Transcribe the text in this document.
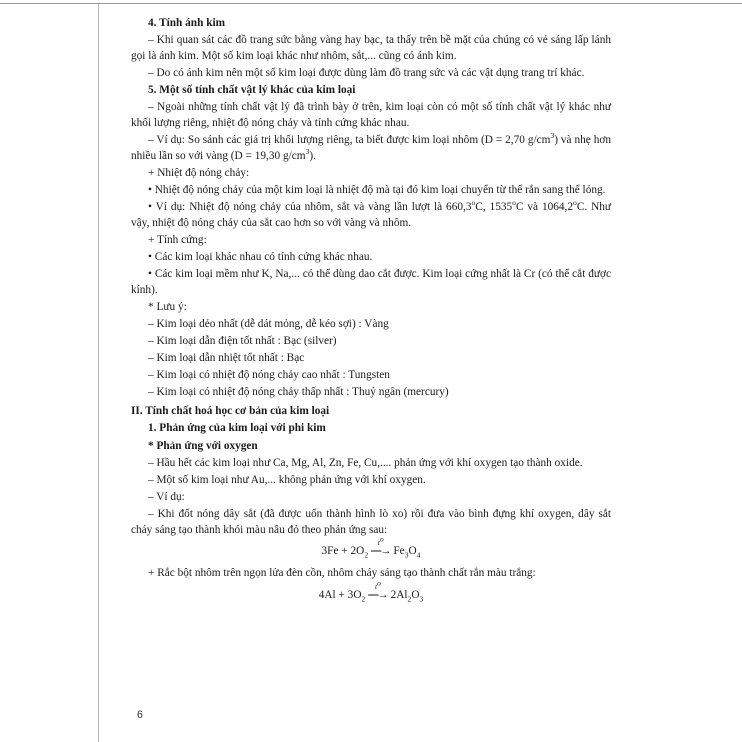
4. Tính ánh kim

– Khi quan sát các đồ trang sức bằng vàng hay bạc, ta thấy trên bề mặt của chúng có vẻ sáng lấp lánh gọi là ánh kim. Một số kim loại khác như nhôm, sắt,... cũng có ánh kim.

– Do có ánh kim nên một số kim loại được dùng làm đồ trang sức và các vật dụng trang trí khác.

5. Một số tính chất vật lý khác của kim loại

– Ngoài những tính chất vật lý đã trình bày ở trên, kim loại còn có một số tính chất vật lý khác như khối lượng riêng, nhiệt độ nóng chảy và tính cứng khác nhau.

– Ví dụ: So sánh các giá trị khối lượng riêng, ta biết được kim loại nhôm (D = 2,70 $g/cm^3$) và nhẹ hơn nhiều lần so với vàng (D = 19,30 $g/cm^3$).

+ Nhiệt độ nóng chảy:

• Nhiệt độ nóng chảy của một kim loại là nhiệt độ mà tại đó kim loại chuyển từ thể rắn sang thể lỏng.

• Ví dụ: Nhiệt độ nóng chảy của nhôm, sắt và vàng lần lượt là 660,3$^o$C, 1535$^o$C và 1064,2$^o$C. Như vậy, nhiệt độ nóng chảy của sắt cao hơn so với vàng và nhôm.

+ Tính cứng:

• Các kim loại khác nhau có tính cứng khác nhau.

• Các kim loại mềm như K, Na,... có thể dùng dao cắt được. Kim loại cứng nhất là Cr (có thể cắt được kính).

* Lưu ý:

– Kim loại dẻo nhất (dễ dát mỏng, dễ kéo sợi) : Vàng

– Kim loại dẫn điện tốt nhất : Bạc (silver)

– Kim loại dẫn nhiệt tốt nhất : Bạc

– Kim loại có nhiệt độ nóng chảy cao nhất : Tungsten

– Kim loại có nhiệt độ nóng chảy thấp nhất : Thuỷ ngân (mercury)

II. Tính chất hoá học cơ bản của kim loại

1. Phản ứng của kim loại với phi kim

* Phản ứng với oxygen

– Hầu hết các kim loại như Ca, Mg, Al, Zn, Fe, Cu,.... phản ứng với khí oxygen tạo thành oxide.

– Một số kim loại như Au,... không phản ứng với khí oxygen.

– Ví dụ:

– Khi đốt nóng dây sắt (đã được uốn thành hình lò xo) rồi đưa vào bình đựng khí oxygen, dây sắt cháy sáng tạo thành khói màu nâu đỏ theo phản ứng sau:

$3Fe + 2O_2$
$t^o$
⎯⎯→ $Fe_3O_4$

+ Rắc bột nhôm trên ngọn lửa đèn cồn, nhôm cháy sáng tạo thành chất rắn màu trắng:

$4Al + 3O_2$
$t^o$
⎯⎯→ $2Al_2O_3$

6
